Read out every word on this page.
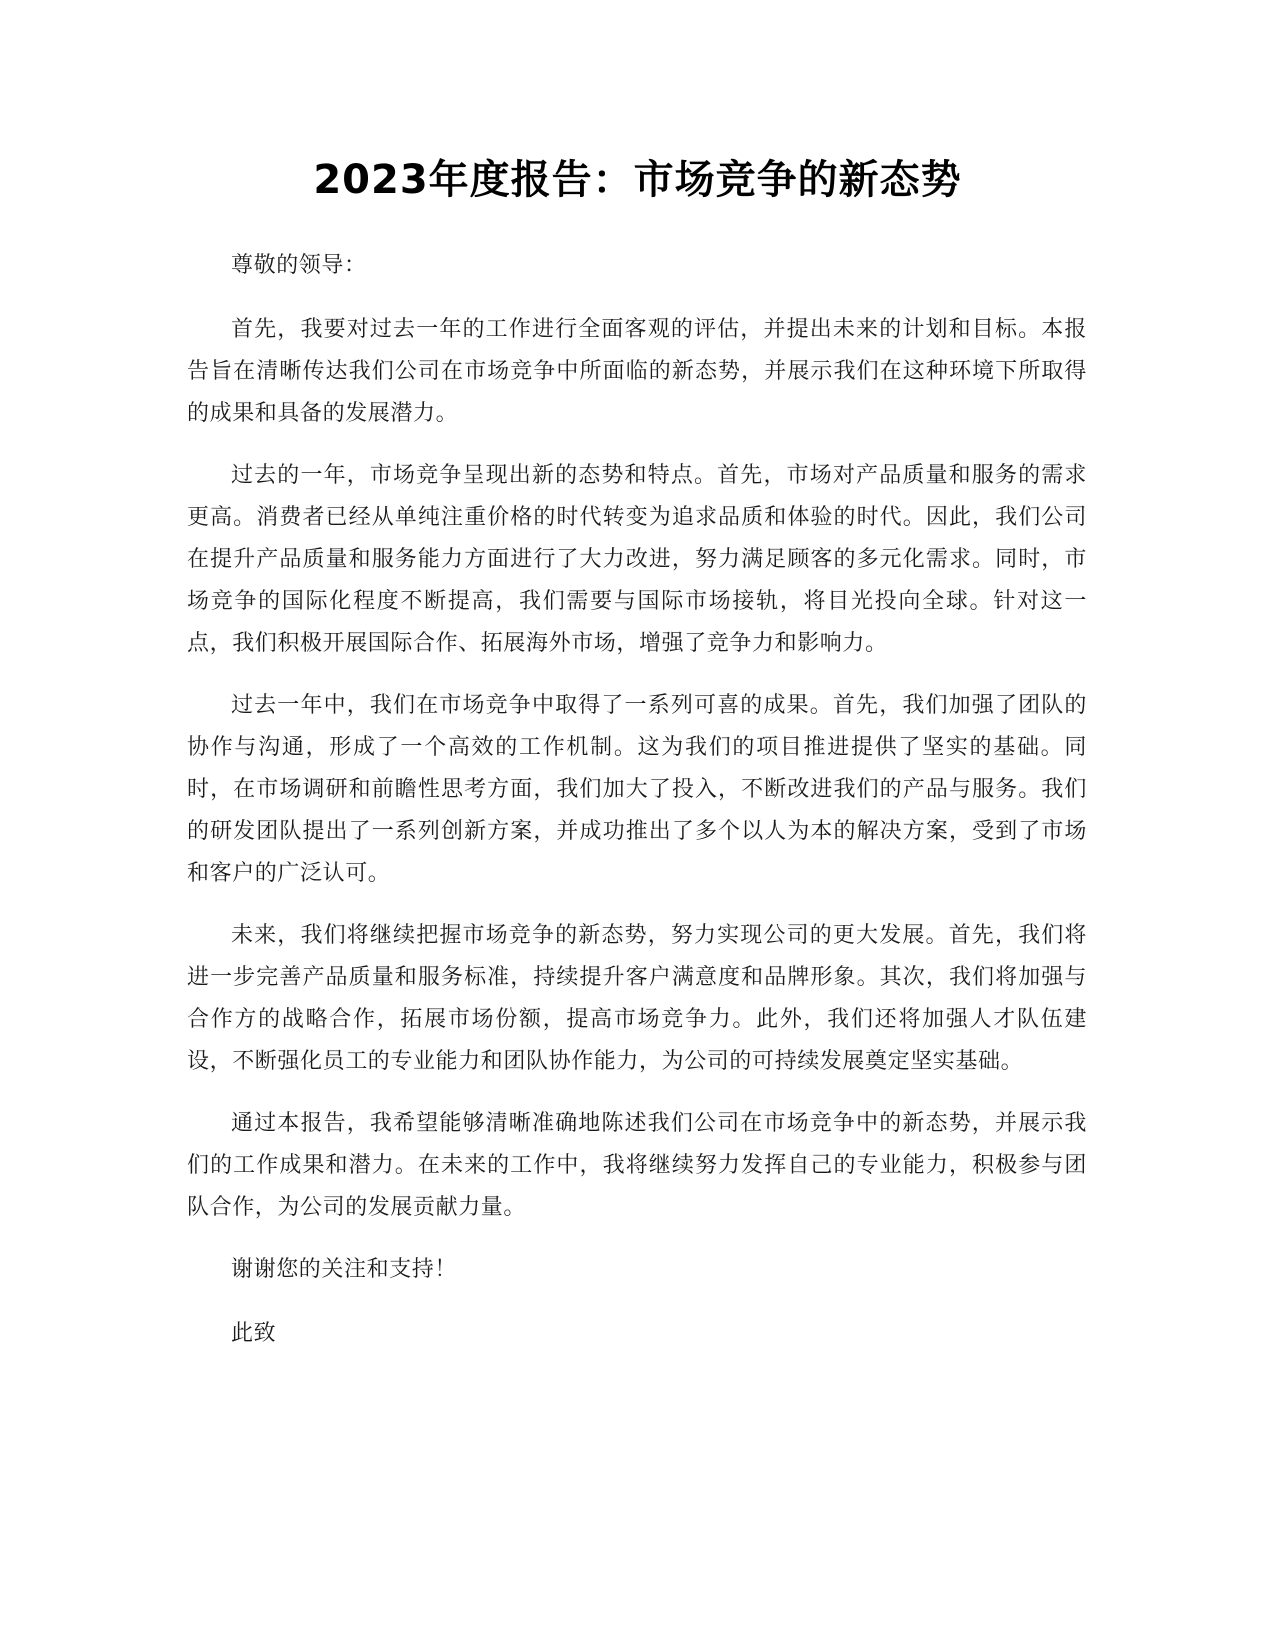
2023年度报告：市场竞争的新态势

尊敬的领导：

首先，我要对过去一年的工作进行全面客观的评估，并提出未来的计划和目标。本报告旨在清晰传达我们公司在市场竞争中所面临的新态势，并展示我们在这种环境下所取得的成果和具备的发展潜力。

过去的一年，市场竞争呈现出新的态势和特点。首先，市场对产品质量和服务的需求更高。消费者已经从单纯注重价格的时代转变为追求品质和体验的时代。因此，我们公司在提升产品质量和服务能力方面进行了大力改进，努力满足顾客的多元化需求。同时，市场竞争的国际化程度不断提高，我们需要与国际市场接轨，将目光投向全球。针对这一点，我们积极开展国际合作、拓展海外市场，增强了竞争力和影响力。

过去一年中，我们在市场竞争中取得了一系列可喜的成果。首先，我们加强了团队的协作与沟通，形成了一个高效的工作机制。这为我们的项目推进提供了坚实的基础。同时，在市场调研和前瞻性思考方面，我们加大了投入，不断改进我们的产品与服务。我们的研发团队提出了一系列创新方案，并成功推出了多个以人为本的解决方案，受到了市场和客户的广泛认可。

未来，我们将继续把握市场竞争的新态势，努力实现公司的更大发展。首先，我们将进一步完善产品质量和服务标准，持续提升客户满意度和品牌形象。其次，我们将加强与合作方的战略合作，拓展市场份额，提高市场竞争力。此外，我们还将加强人才队伍建设，不断强化员工的专业能力和团队协作能力，为公司的可持续发展奠定坚实基础。

通过本报告，我希望能够清晰准确地陈述我们公司在市场竞争中的新态势，并展示我们的工作成果和潜力。在未来的工作中，我将继续努力发挥自己的专业能力，积极参与团队合作，为公司的发展贡献力量。

谢谢您的关注和支持！

此致
